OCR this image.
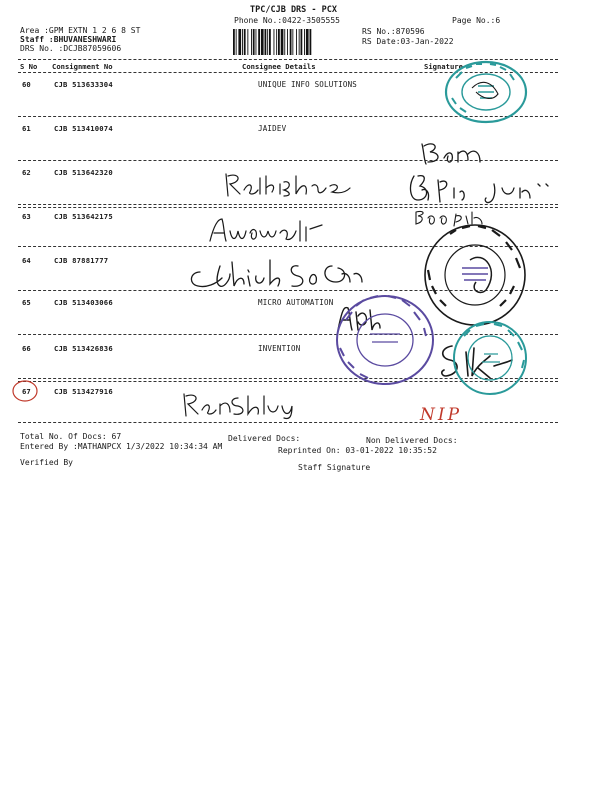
TPC/CJB DRS - PCX
Phone No.:0422-3505555	Page No.:6
Area :GPM EXTN 1 2 6 8 ST
Staff :BHUVANESHWARI
DRS No. :DCJB87059606
RS No.:870596
RS Date:03-Jan-2022
S No Consignment No	Consignee Details	Signature
60	CJB 513633304	UNIQUE INFO SOLUTIONS
61	CJB 513410074	JAIDEV
62	CJB 513642320
63	CJB 513642175
64	CJB 87881777
65	CJB 513403066	MICRO AUTOMATION
66	CJB 513426836	INVENTION
67	CJB 513427916
Total No. Of Docs: 67	Delivered Docs:	Non Delivered Docs:
Entered By :MATHANPCX 1/3/2022 10:34:34 AM	Reprinted On: 03-01-2022 10:35:52
Verified By
Staff Signature
NIP
